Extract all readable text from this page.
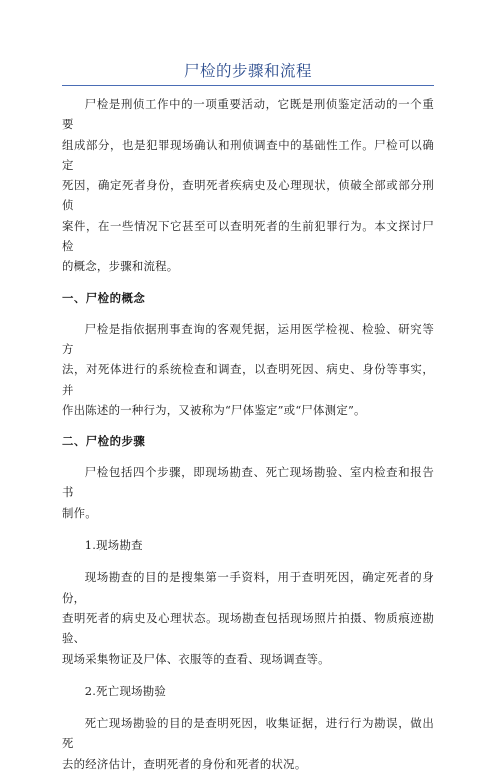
尸检的步骤和流程

尸检是刑侦工作中的一项重要活动，它既是刑侦鉴定活动的一个重要
组成部分，也是犯罪现场确认和刑侦调查中的基础性工作。尸检可以确定
死因，确定死者身份，查明死者疾病史及心理现状，侦破全部或部分刑侦
案件，在一些情况下它甚至可以查明死者的生前犯罪行为。本文探讨尸检
的概念，步骤和流程。

一、尸检的概念

尸检是指依据刑事查询的客观凭据，运用医学检视、检验、研究等方
法，对死体进行的系统检查和调查，以查明死因、病史、身份等事实，并
作出陈述的一种行为，又被称为“尸体鉴定”或“尸体测定”。

二、尸检的步骤

尸检包括四个步骤，即现场勘查、死亡现场勘验、室内检查和报告书
制作。

1.现场勘查

现场勘查的目的是搜集第一手资料，用于查明死因，确定死者的身份，
查明死者的病史及心理状态。现场勘查包括现场照片拍摄、物质痕迹勘验、
现场采集物证及尸体、衣服等的查看、现场调查等。

2.死亡现场勘验

死亡现场勘验的目的是查明死因，收集证据，进行行为勘误，做出死
去的经济估计，查明死者的身份和死者的状况。
